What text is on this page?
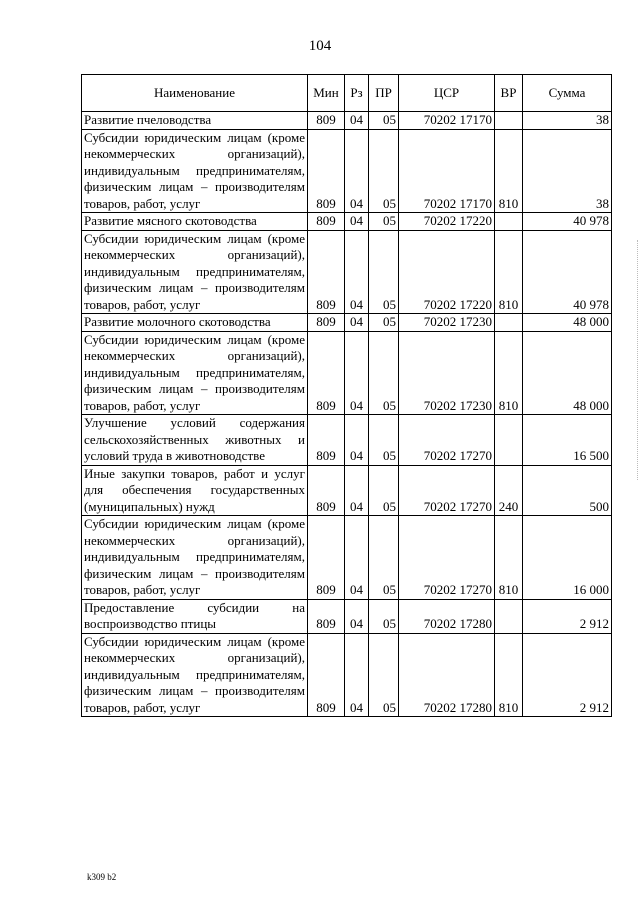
104
Наименование	Мин	Рз	ПР	ЦСР	ВР	Сумма
Развитие пчеловодства	809	04	05	70202 17170		38
Субсидии юридическим лицам (кроме некоммерческих организаций), индивидуальным предпринимателям, физическим лицам – производителям товаров, работ, услуг	809	04	05	70202 17170	810	38
Развитие мясного скотоводства	809	04	05	70202 17220		40 978
Субсидии юридическим лицам (кроме некоммерческих организаций), индивидуальным предпринимателям, физическим лицам – производителям товаров, работ, услуг	809	04	05	70202 17220	810	40 978
Развитие молочного скотоводства	809	04	05	70202 17230		48 000
Субсидии юридическим лицам (кроме некоммерческих организаций), индивидуальным предпринимателям, физическим лицам – производителям товаров, работ, услуг	809	04	05	70202 17230	810	48 000
Улучшение условий содержания сельскохозяйственных животных и условий труда в животноводстве	809	04	05	70202 17270		16 500
Иные закупки товаров, работ и услуг для обеспечения государственных (муниципальных) нужд	809	04	05	70202 17270	240	500
Субсидии юридическим лицам (кроме некоммерческих организаций), индивидуальным предпринимателям, физическим лицам – производителям товаров, работ, услуг	809	04	05	70202 17270	810	16 000
Предоставление субсидии на воспроизводство птицы	809	04	05	70202 17280		2 912
Субсидии юридическим лицам (кроме некоммерческих организаций), индивидуальным предпринимателям, физическим лицам – производителям товаров, работ, услуг	809	04	05	70202 17280	810	2 912
k309 b2
